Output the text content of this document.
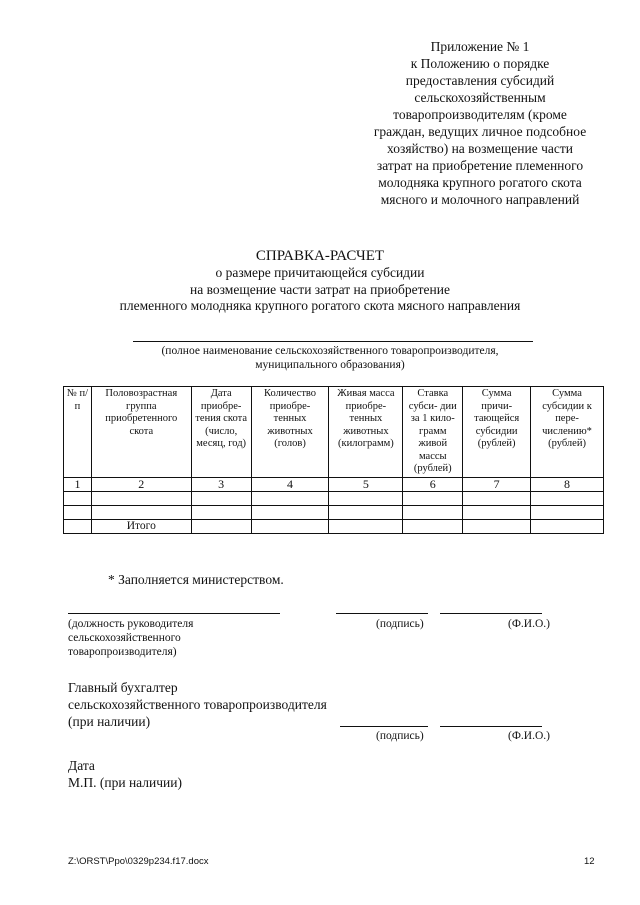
Приложение № 1
к Положению о порядке
предоставления субсидий
сельскохозяйственным
товаропроизводителям (кроме
граждан, ведущих личное подсобное
хозяйство) на возмещение части
затрат на приобретение племенного
молодняка крупного рогатого скота
мясного и молочного направлений
СПРАВКА-РАСЧЕТ
о размере причитающейся субсидии
на возмещение части затрат на приобретение
племенного молодняка крупного рогатого скота мясного направления
(полное наименование сельскохозяйственного товаропроизводителя,
муниципального образования)
№ п/п	Половозрастная группа приобретенного скота	Дата приобре- тения скота (число, месяц, год)	Количество приобре- тенных животных (голов)	Живая масса приобре- тенных животных (килограмм)	Ставка субси- дии за 1 кило- грамм живой массы (рублей)	Сумма причи- тающейся субсидии (рублей)	Сумма субсидии к пере- числению* (рублей)
1	2	3	4	5	6	7	8

	Итого						
* Заполняется министерством.
(должность руководителя
сельскохозяйственного
товаропроизводителя)
(подпись)	(Ф.И.О.)
Главный бухгалтер
сельскохозяйственного товаропроизводителя
(при наличии)
(подпись)	(Ф.И.О.)
Дата
М.П. (при наличии)
Z:\ORST\Ppo\0329p234.f17.docx	12
